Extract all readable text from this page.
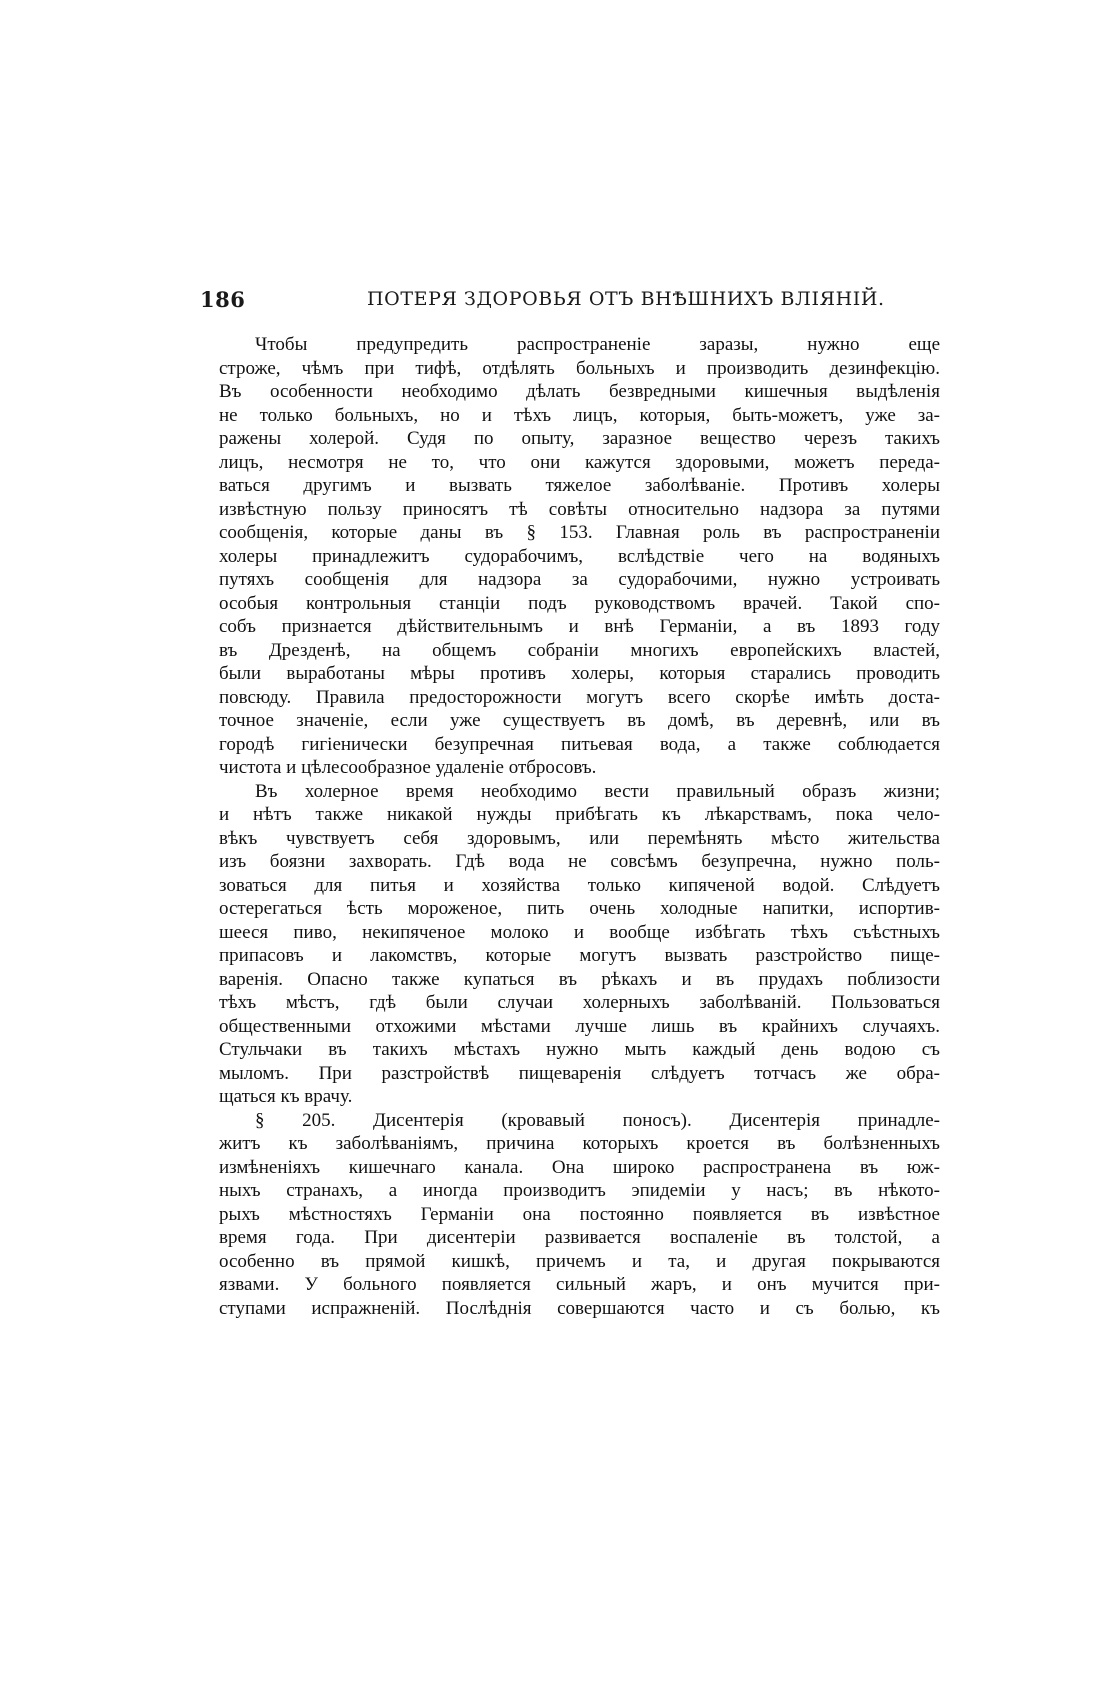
186	ПОТЕРЯ ЗДОРОВЬЯ ОТЪ ВНѢШНИХЪ ВЛІЯНІЙ.
Чтобы предупредить распространеніе заразы, нужно еще
строже, чѣмъ при тифѣ, отдѣлять больныхъ и производить дезинфекцію.
Въ особенности необходимо дѣлать безвредными кишечныя выдѣленія
не только больныхъ, но и тѣхъ лицъ, которыя, быть-можетъ, уже за-
ражены холерой. Судя по опыту, заразное вещество черезъ такихъ
лицъ, несмотря не то, что они кажутся здоровыми, можетъ переда-
ваться другимъ и вызвать тяжелое заболѣваніе. Противъ холеры
извѣстную пользу приносятъ тѣ совѣты относительно надзора за путями
сообщенія, которые даны въ § 153. Главная роль въ распространеніи
холеры принадлежитъ судорабочимъ, вслѣдствіе чего на водяныхъ
путяхъ сообщенія для надзора за судорабочими, нужно устроивать
особыя контрольныя станціи подъ руководствомъ врачей. Такой спо-
собъ признается дѣйствительнымъ и внѣ Германіи, а въ 1893 году
въ Дрезденѣ, на общемъ собраніи многихъ европейскихъ властей,
были выработаны мѣры противъ холеры, которыя старались проводить
повсюду. Правила предосторожности могутъ всего скорѣе имѣть доста-
точное значеніе, если уже существуетъ въ домѣ, въ деревнѣ, или въ
городѣ гигіенически безупречная питьевая вода, а также соблюдается
чистота и цѣлесообразное удаленіе отбросовъ.
Въ холерное время необходимо вести правильный образъ жизни;
и нѣтъ также никакой нужды прибѣгать къ лѣкарствамъ, пока чело-
вѣкъ чувствуетъ себя здоровымъ, или перемѣнять мѣсто жительства
изъ боязни захворать. Гдѣ вода не совсѣмъ безупречна, нужно поль-
зоваться для питья и хозяйства только кипяченой водой. Слѣдуетъ
остерегаться ѣсть мороженое, пить очень холодные напитки, испортив-
шееся пиво, некипяченое молоко и вообще избѣгать тѣхъ съѣстныхъ
припасовъ и лакомствъ, которые могутъ вызвать разстройство пище-
варенія. Опасно также купаться въ рѣкахъ и въ прудахъ поблизости
тѣхъ мѣстъ, гдѣ были случаи холерныхъ заболѣваній. Пользоваться
общественными отхожими мѣстами лучше лишь въ крайнихъ случаяхъ.
Стульчаки въ такихъ мѣстахъ нужно мыть каждый день водою съ
мыломъ. При разстройствѣ пищеваренія слѣдуетъ тотчасъ же обра-
щаться къ врачу.
§ 205. Дисентерія (кровавый поносъ). Дисентерія принадле-
житъ къ заболѣваніямъ, причина которыхъ кроется въ болѣзненныхъ
измѣненіяхъ кишечнаго канала. Она широко распространена въ юж-
ныхъ странахъ, а иногда производитъ эпидеміи у насъ; въ нѣкото-
рыхъ мѣстностяхъ Германіи она постоянно появляется въ извѣстное
время года. При дисентеріи развивается воспаленіе въ толстой, а
особенно въ прямой кишкѣ, причемъ и та, и другая покрываются
язвами. У больного появляется сильный жаръ, и онъ мучится при-
ступами испражненій. Послѣднія совершаются часто и съ болью, къ
